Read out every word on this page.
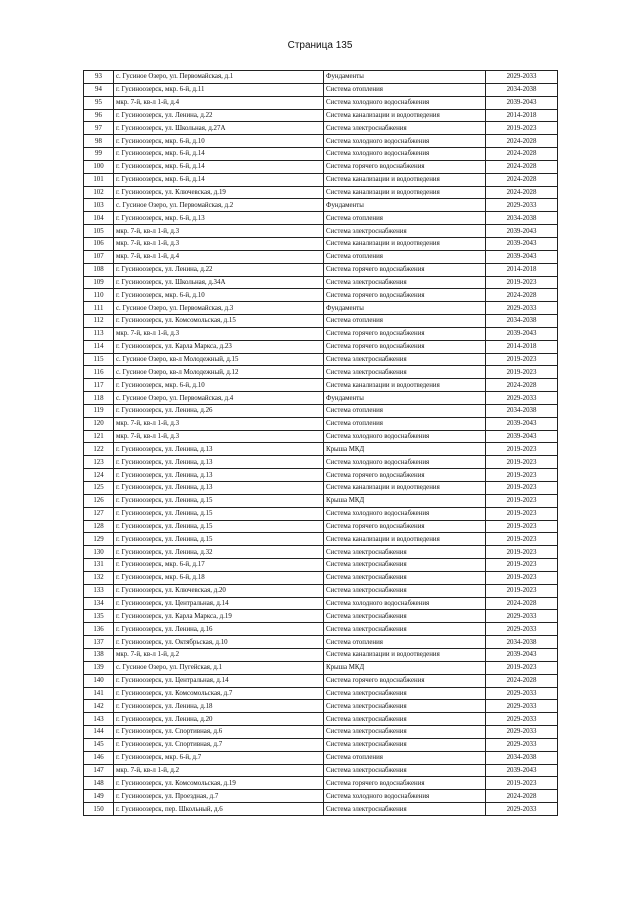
Страница 135
93	с. Гусиное Озеро, ул. Первомайская, д.1	Фундаменты	2029-2033
94	г. Гусиноозерск, мкр. 6-й, д.11	Система отопления	2034-2038
95	мкр. 7-й, кв-л 1-й, д.4	Система холодного водоснабжения	2039-2043
96	г. Гусиноозерск, ул. Ленина, д.22	Система канализации и водоотведения	2014-2018
97	г. Гусиноозерск, ул. Школьная, д.27А	Система электроснабжения	2019-2023
98	г. Гусиноозерск, мкр. 6-й, д.10	Система холодного водоснабжения	2024-2028
99	г. Гусиноозерск, мкр. 6-й, д.14	Система холодного водоснабжения	2024-2028
100	г. Гусиноозерск, мкр. 6-й, д.14	Система горячего водоснабжения	2024-2028
101	г. Гусиноозерск, мкр. 6-й, д.14	Система канализации и водоотведения	2024-2028
102	г. Гусиноозерск, ул. Ключевская, д.19	Система канализации и водоотведения	2024-2028
103	с. Гусиное Озеро, ул. Первомайская, д.2	Фундаменты	2029-2033
104	г. Гусиноозерск, мкр. 6-й, д.13	Система отопления	2034-2038
105	мкр. 7-й, кв-л 1-й, д.3	Система электроснабжения	2039-2043
106	мкр. 7-й, кв-л 1-й, д.3	Система канализации и водоотведения	2039-2043
107	мкр. 7-й, кв-л 1-й, д.4	Система отопления	2039-2043
108	г. Гусиноозерск, ул. Ленина, д.22	Система горячего водоснабжения	2014-2018
109	г. Гусиноозерск, ул. Школьная, д.34А	Система электроснабжения	2019-2023
110	г. Гусиноозерск, мкр. 6-й, д.10	Система горячего водоснабжения	2024-2028
111	с. Гусиное Озеро, ул. Первомайская, д.3	Фундаменты	2029-2033
112	г. Гусиноозерск, ул. Комсомольская, д.15	Система отопления	2034-2038
113	мкр. 7-й, кв-л 1-й, д.3	Система горячего водоснабжения	2039-2043
114	г. Гусиноозерск, ул. Карла Маркса, д.23	Система горячего водоснабжения	2014-2018
115	с. Гусиное Озеро, кв-л Молодежный, д.15	Система электроснабжения	2019-2023
116	с. Гусиное Озеро, кв-л Молодежный, д.12	Система электроснабжения	2019-2023
117	г. Гусиноозерск, мкр. 6-й, д.10	Система канализации и водоотведения	2024-2028
118	с. Гусиное Озеро, ул. Первомайская, д.4	Фундаменты	2029-2033
119	г. Гусиноозерск, ул. Ленина, д.26	Система отопления	2034-2038
120	мкр. 7-й, кв-л 1-й, д.3	Система отопления	2039-2043
121	мкр. 7-й, кв-л 1-й, д.3	Система холодного водоснабжения	2039-2043
122	г. Гусиноозерск, ул. Ленина, д.13	Крыша МКД	2019-2023
123	г. Гусиноозерск, ул. Ленина, д.13	Система холодного водоснабжения	2019-2023
124	г. Гусиноозерск, ул. Ленина, д.13	Система горячего водоснабжения	2019-2023
125	г. Гусиноозерск, ул. Ленина, д.13	Система канализации и водоотведения	2019-2023
126	г. Гусиноозерск, ул. Ленина, д.15	Крыша МКД	2019-2023
127	г. Гусиноозерск, ул. Ленина, д.15	Система холодного водоснабжения	2019-2023
128	г. Гусиноозерск, ул. Ленина, д.15	Система горячего водоснабжения	2019-2023
129	г. Гусиноозерск, ул. Ленина, д.15	Система канализации и водоотведения	2019-2023
130	г. Гусиноозерск, ул. Ленина, д.32	Система электроснабжения	2019-2023
131	г. Гусиноозерск, мкр. 6-й, д.17	Система электроснабжения	2019-2023
132	г. Гусиноозерск, мкр. 6-й, д.18	Система электроснабжения	2019-2023
133	г. Гусиноозерск, ул. Ключевская, д.20	Система электроснабжения	2019-2023
134	г. Гусиноозерск, ул. Центральная, д.14	Система холодного водоснабжения	2024-2028
135	г. Гусиноозерск, ул. Карла Маркса, д.19	Система электроснабжения	2029-2033
136	г. Гусиноозерск, ул. Ленина, д.16	Система электроснабжения	2029-2033
137	г. Гусиноозерск, ул. Октябрьская, д.10	Система отопления	2034-2038
138	мкр. 7-й, кв-л 1-й, д.2	Система канализации и водоотведения	2039-2043
139	с. Гусиное Озеро, ул. Пугейская, д.1	Крыша МКД	2019-2023
140	г. Гусиноозерск, ул. Центральная, д.14	Система горячего водоснабжения	2024-2028
141	г. Гусиноозерск, ул. Комсомольская, д.7	Система электроснабжения	2029-2033
142	г. Гусиноозерск, ул. Ленина, д.18	Система электроснабжения	2029-2033
143	г. Гусиноозерск, ул. Ленина, д.20	Система электроснабжения	2029-2033
144	г. Гусиноозерск, ул. Спортивная, д.6	Система электроснабжения	2029-2033
145	г. Гусиноозерск, ул. Спортивная, д.7	Система электроснабжения	2029-2033
146	г. Гусиноозерск, мкр. 6-й, д.7	Система отопления	2034-2038
147	мкр. 7-й, кв-л 1-й, д.2	Система электроснабжения	2039-2043
148	г. Гусиноозерск, ул. Комсомольская, д.19	Система горячего водоснабжения	2019-2023
149	г. Гусиноозерск, ул. Проездная, д.7	Система холодного водоснабжения	2024-2028
150	г. Гусиноозерск, пер. Школьный, д.6	Система электроснабжения	2029-2033
